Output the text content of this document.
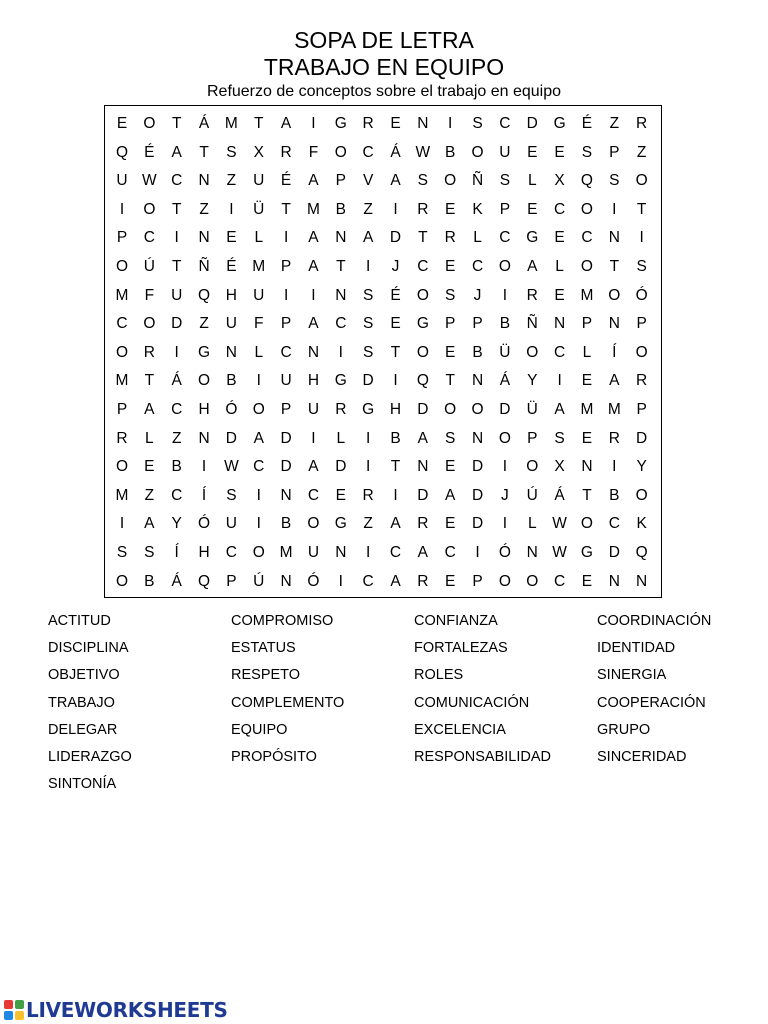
SOPA DE LETRA
TRABAJO EN EQUIPO
Refuerzo de conceptos sobre el trabajo en equipo
E	O	T	Á	M	T	A	I	G	R	E	N	I	S	C	D	G	É	Z	R
Q	É	A	T	S	X	R	F	O	C	Á W B	O	U	E	E	S	P	Z
U W C	N	Z	U	É	A	P	V	A	S	O	Ñ	S	L	X	Q	S	O
I	O	T	Z	I	Ü	T	M	B	Z	I	R	E	K	P	E	C	O	I	T
P	C	I	N	E	L	I	A	N	A	D	T	R	L	C	G	E	C	N	I
O	Ú	T	Ñ	É	M	P	A	T	I	J	C	E	C	O	A	L	O	T	S
M	F	U	Q	H	U	I	I	N	S	É	O	S	J	I	R	E	M O Ó
C	O	D	Z	U	F	P	A	C	S	E	G	P	P	B	Ñ	N	P	N	P
O	R	I	G	N	L	C	N	I	S	T	O	E	B	Ü	O	C	L	Í	O
M	T	Á	O	B	I	U	H	G	D	I	Q	T	N	Á	Y	I	E	A	R
P	A	C	H	Ó O	P	U	R	G	H	D	O O	D	Ü	A	M M	P
R	L	Z	N	D	A	D	I	L	I	B	A	S	N	O	P	S	E	R	D
O	E	B	I	W C	D	A	D	I	T	N	E	D	I	O	X	N	I	Y
M	Z	C	Í	S	I	N	C	E	R	I	D	A	D	J	Ú	Á	T	B	O
I	A	Y	Ó	U	I	B	O G	Z	A	R	E	D	I	L	W O	C	K
S	S	Í	H	C	O M U	N	I	C	A	C	I	Ó	N W G	D	Q
O	B	Á	Q	P	Ú	N	Ó	I	C	A	R	E	P	O O	C	E	N	N
ACTITUD
DISCIPLINA
OBJETIVO
TRABAJO
DELEGAR
LIDERAZGO
SINTONÍA
COMPROMISO
ESTATUS
RESPETO
COMPLEMENTO
EQUIPO
PROPÓSITO
CONFIANZA
FORTALEZAS
ROLES
COMUNICACIÓN
EXCELENCIA
RESPONSABILIDAD
COORDINACIÓN
IDENTIDAD
SINERGIA
COOPERACIÓN
GRUPO
SINCERIDAD
LIVEWORKSHEETS
